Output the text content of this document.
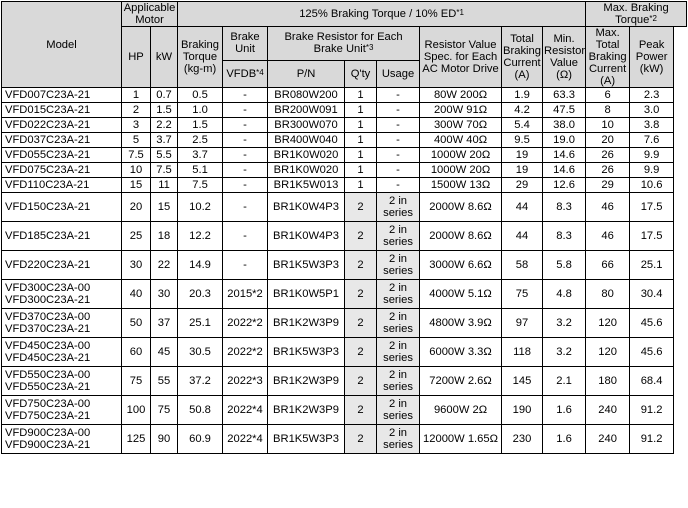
Model	Applicable Motor		125% Braking Torque / 10% ED$^{*1}$								Max. Braking Torque$^{*2}$
	HP	kW	Braking Torque (kg-m)	Brake Unit	Brake Resistor for Each Brake Unit$^{*3}$			Resistor Value Spec. for Each AC Motor Drive	Total Braking Current (A)	Min. Resistor Value (Ω)	Max. Total Braking Current (A)	Peak Power (kW)
				VFDB$^{*4}$	P/N	Q'ty	Usage					

VFD007C23A-21	1	0.7	0.5	-	BR080W200	1	-	80W 200Ω	1.9	63.3	6	2.3

VFD015C23A-21	2	1.5	1.0	-	BR200W091	1	-	200W 91Ω	4.2	47.5	8	3.0

VFD022C23A-21	3	2.2	1.5	-	BR300W070	1	-	300W 70Ω	5.4	38.0	10	3.8

VFD037C23A-21	5	3.7	2.5	-	BR400W040	1	-	400W 40Ω	9.5	19.0	20	7.6

VFD055C23A-21	7.5	5.5	3.7	-	BR1K0W020	1	-	1000W 20Ω	19	14.6	26	9.9

VFD075C23A-21	10	7.5	5.1	-	BR1K0W020	1	-	1000W 20Ω	19	14.6	26	9.9

VFD110C23A-21	15	11	7.5	-	BR1K5W013	1	-	1500W 13Ω	29	12.6	29	10.6

VFD150C23A-21	20	15	10.2	-	BR1K0W4P3	2	2 in series	2000W 8.6Ω	44	8.3	46	17.5

VFD185C23A-21	25	18	12.2	-	BR1K0W4P3	2	2 in series	2000W 8.6Ω	44	8.3	46	17.5

VFD220C23A-21	30	22	14.9	-	BR1K5W3P3	2	2 in series	3000W 6.6Ω	58	5.8	66	25.1

VFD300C23A-00
VFD300C23A-21	40	30	20.3	2015*2	BR1K0W5P1	2	2 in series	4000W 5.1Ω	75	4.8	80	30.4

VFD370C23A-00
VFD370C23A-21	50	37	25.1	2022*2	BR1K2W3P9	2	2 in series	4800W 3.9Ω	97	3.2	120	45.6

VFD450C23A-00
VFD450C23A-21	60	45	30.5	2022*2	BR1K5W3P3	2	2 in series	6000W 3.3Ω	118	3.2	120	45.6

VFD550C23A-00
VFD550C23A-21	75	55	37.2	2022*3	BR1K2W3P9	2	2 in series	7200W 2.6Ω	145	2.1	180	68.4

VFD750C23A-00
VFD750C23A-21	100	75	50.8	2022*4	BR1K2W3P9	2	2 in series	9600W 2Ω	190	1.6	240	91.2

VFD900C23A-00
VFD900C23A-21	125	90	60.9	2022*4	BR1K5W3P3	2	2 in series	12000W 1.65Ω	230	1.6	240	91.2
